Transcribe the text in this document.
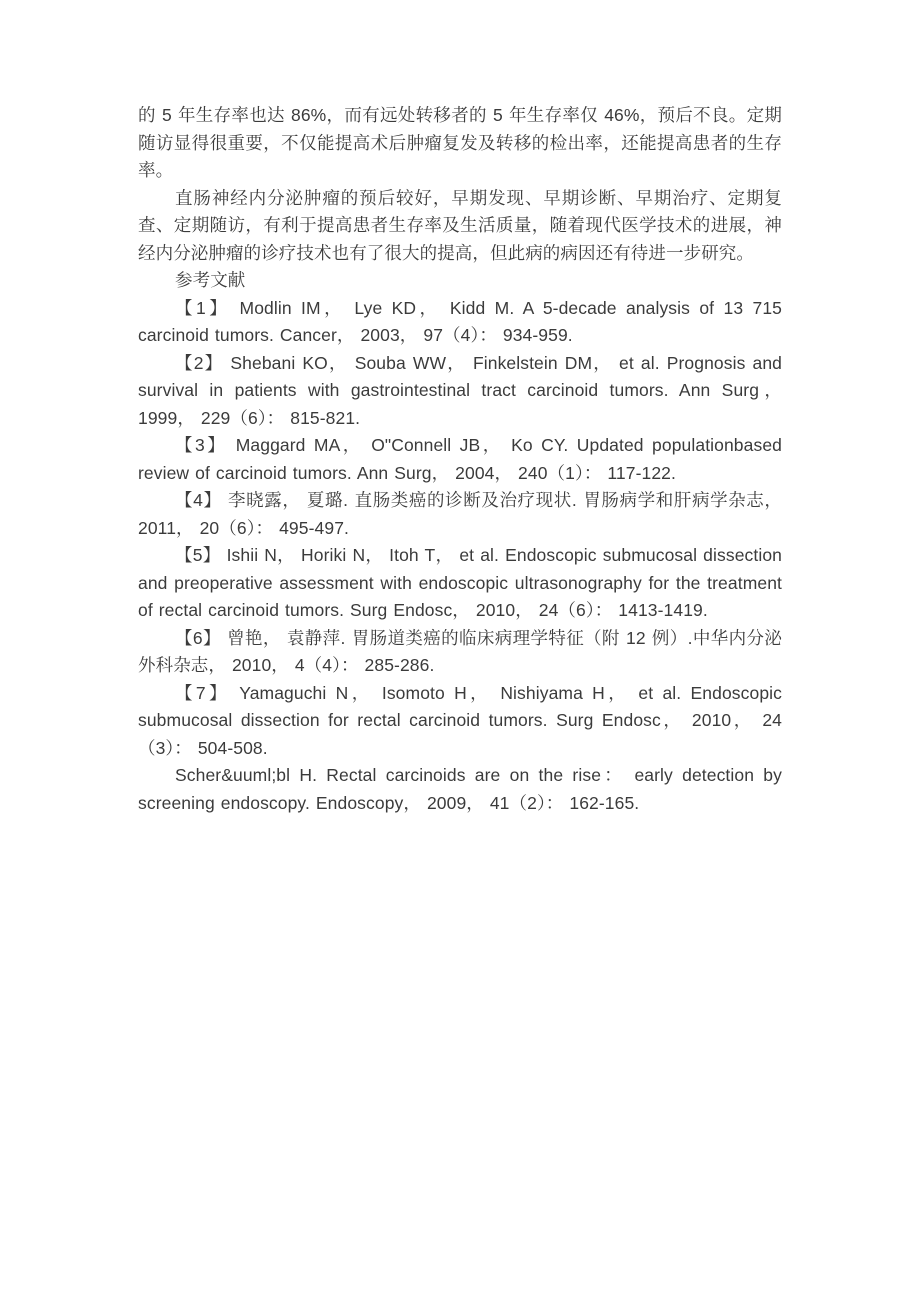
的 5 年生存率也达 86%，而有远处转移者的 5 年生存率仅 46%，预后不良。定期随访显得很重要，不仅能提高术后肿瘤复发及转移的检出率，还能提高患者的生存率。

直肠神经内分泌肿瘤的预后较好，早期发现、早期诊断、早期治疗、定期复查、定期随访，有利于提高患者生存率及生活质量，随着现代医学技术的进展，神经内分泌肿瘤的诊疗技术也有了很大的提高，但此病的病因还有待进一步研究。

参考文献

【1】 Modlin IM， Lye KD， Kidd M. A 5-decade analysis of 13 715 carcinoid tumors. Cancer， 2003， 97（4）： 934-959.

【2】 Shebani KO， Souba WW， Finkelstein DM， et al. Prognosis and survival in patients with gastrointestinal tract carcinoid tumors. Ann Surg， 1999， 229（6）： 815-821.

【3】 Maggard MA， O"Connell JB， Ko CY. Updated populationbased review of carcinoid tumors. Ann Surg， 2004， 240（1）： 117-122.

【4】 李晓露， 夏璐. 直肠类癌的诊断及治疗现状. 胃肠病学和肝病学杂志， 2011， 20（6）： 495-497.

【5】 Ishii N， Horiki N， Itoh T， et al. Endoscopic submucosal dissection and preoperative assessment with endoscopic ultrasonography for the treatment of rectal carcinoid tumors. Surg Endosc， 2010， 24（6）： 1413-1419.

【6】 曾艳， 袁静萍. 胃肠道类癌的临床病理学特征（附 12 例）.中华内分泌外科杂志， 2010， 4（4）： 285-286.

【7】 Yamaguchi N， Isomoto H， Nishiyama H， et al. Endoscopic submucosal dissection for rectal carcinoid tumors. Surg Endosc， 2010， 24（3）： 504-508.

Scher&uuml;bl H. Rectal carcinoids are on the rise： early detection by screening endoscopy. Endoscopy， 2009， 41（2）： 162-165.
